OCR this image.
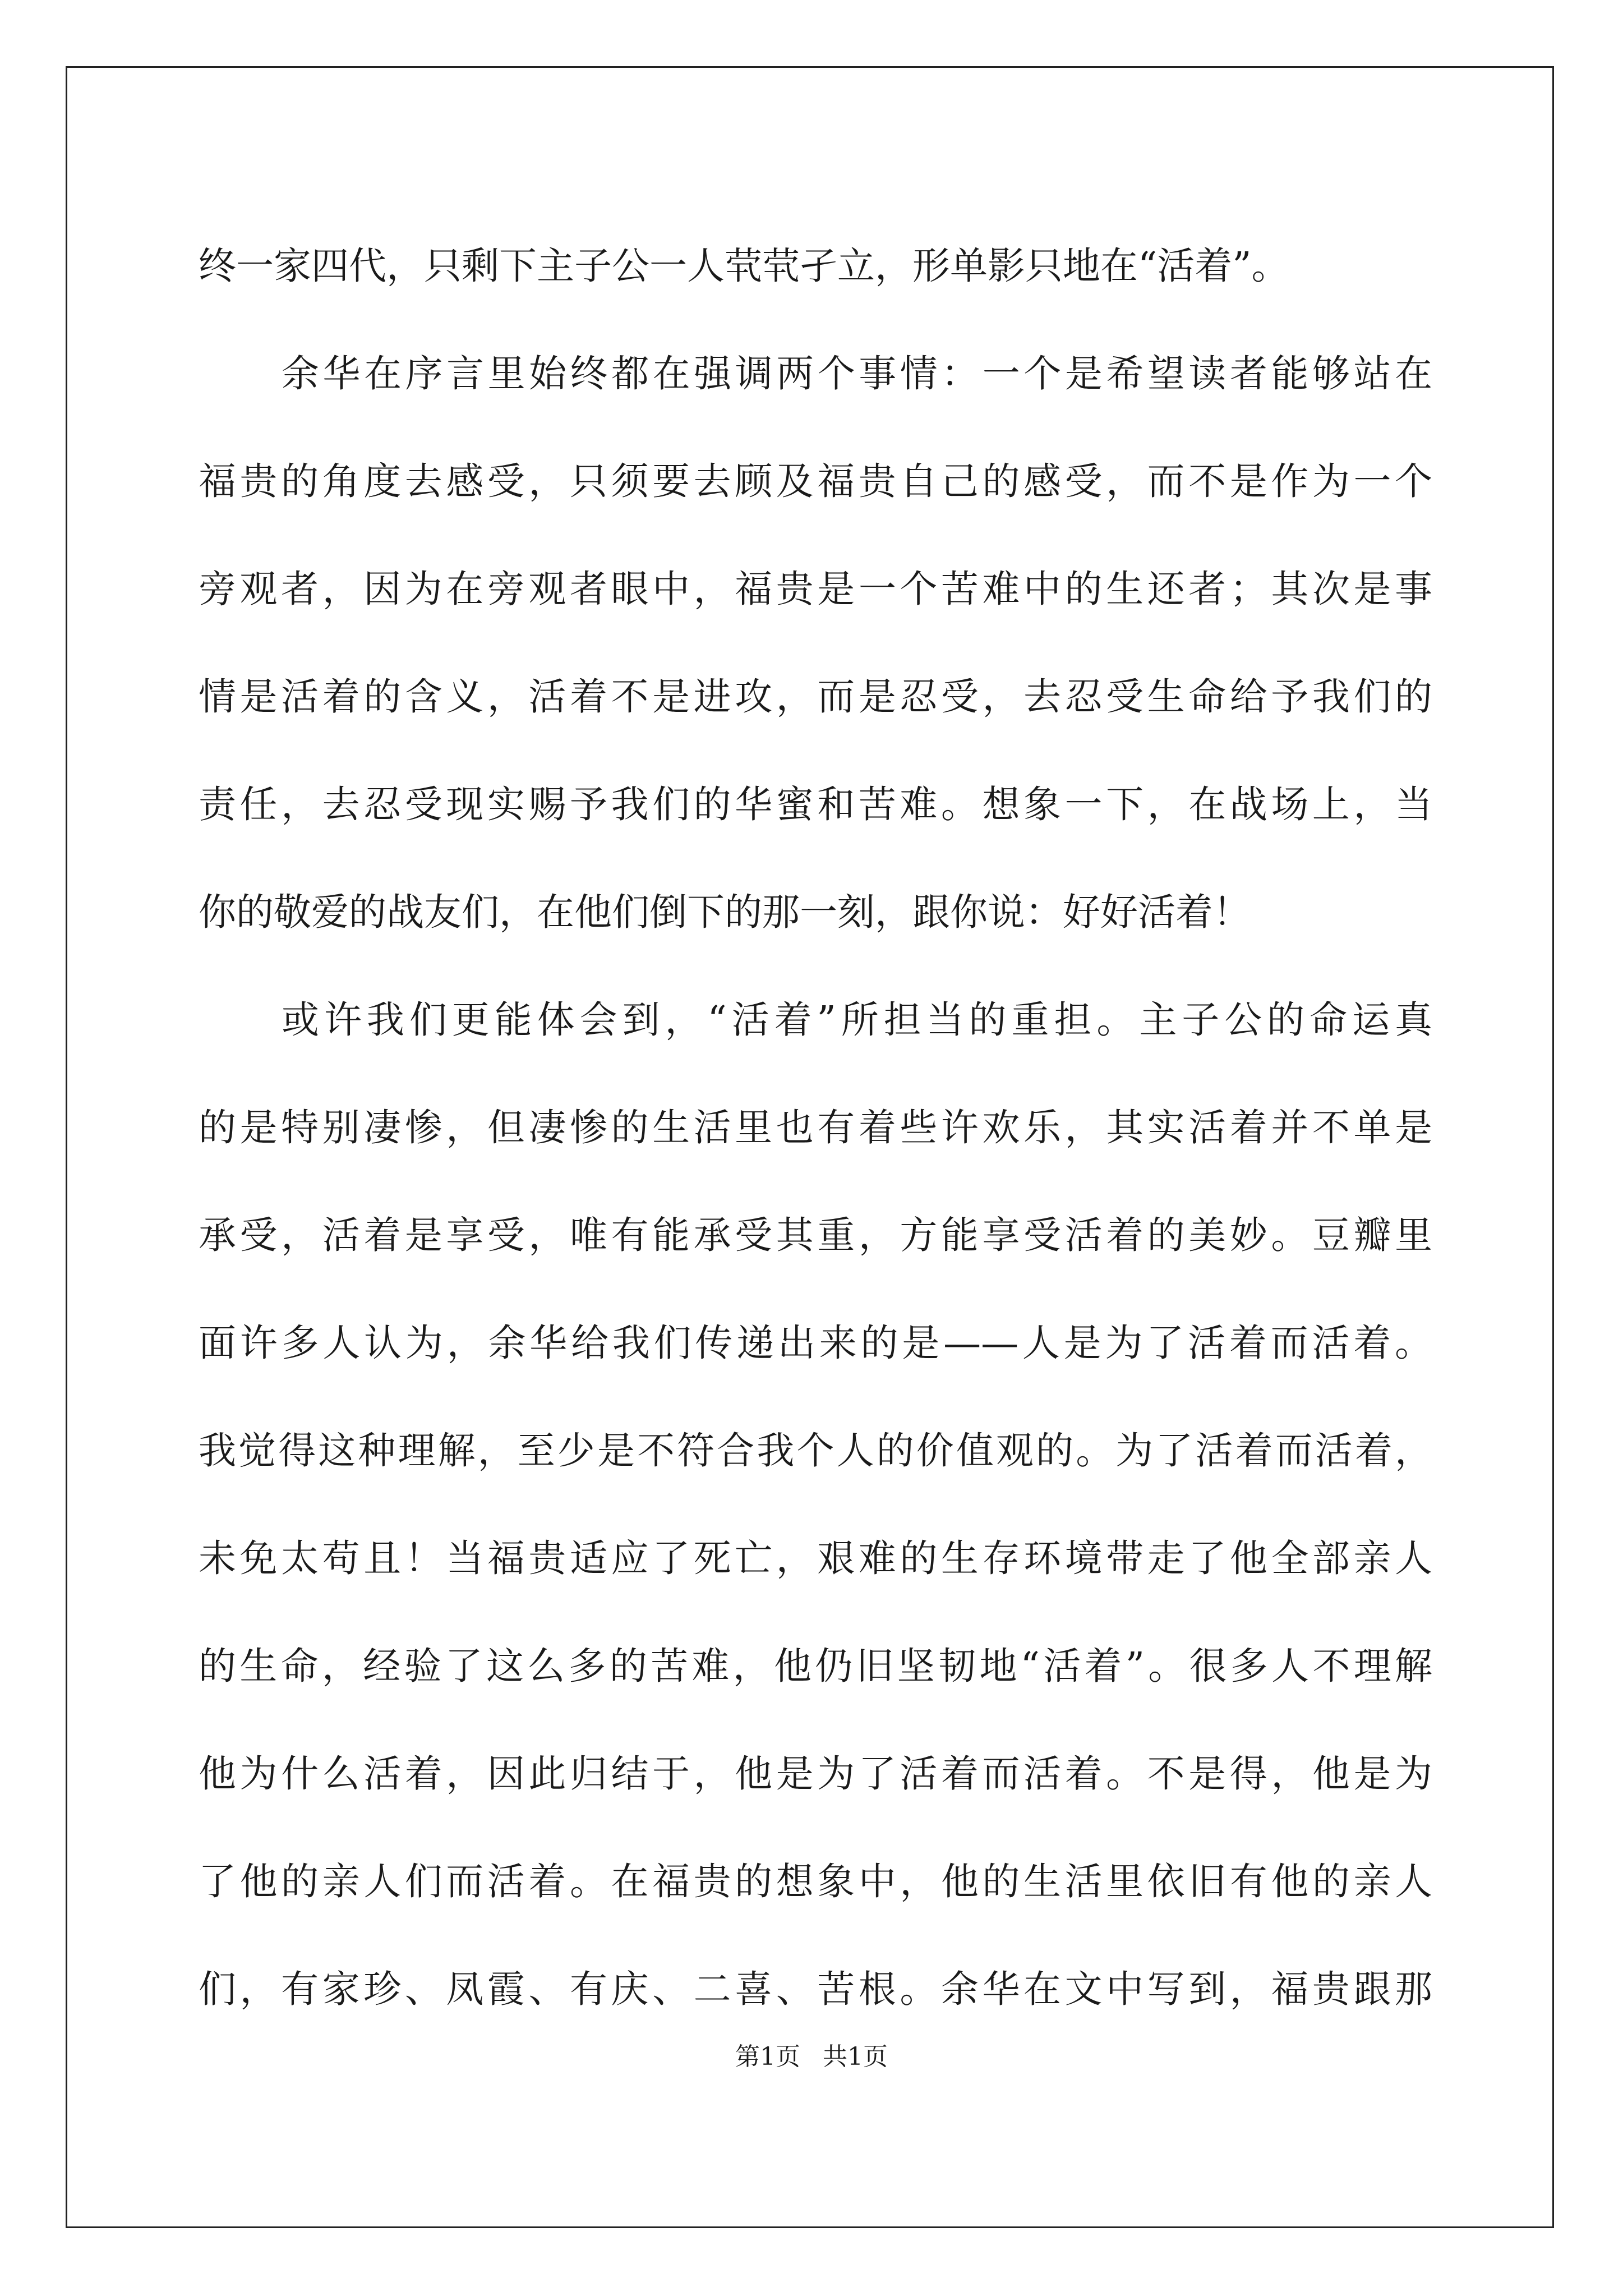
终一家四代，只剩下主子公一人茕茕孑立，形单影只地在“活着”。
余华在序言里始终都在强调两个事情：一个是希望读者能够站在
福贵的角度去感受，只须要去顾及福贵自己的感受，而不是作为一个
旁观者，因为在旁观者眼中，福贵是一个苦难中的生还者；其次是事
情是活着的含义，活着不是进攻，而是忍受，去忍受生命给予我们的
责任，去忍受现实赐予我们的华蜜和苦难。想象一下，在战场上，当
你的敬爱的战友们，在他们倒下的那一刻，跟你说：好好活着！
或许我们更能体会到，“活着”所担当的重担。主子公的命运真
的是特别凄惨，但凄惨的生活里也有着些许欢乐，其实活着并不单是
承受，活着是享受，唯有能承受其重，方能享受活着的美妙。豆瓣里
面许多人认为，余华给我们传递出来的是——人是为了活着而活着。
我觉得这种理解，至少是不符合我个人的价值观的。为了活着而活着，
未免太苟且！当福贵适应了死亡，艰难的生存环境带走了他全部亲人
的生命，经验了这么多的苦难，他仍旧坚韧地“活着”。很多人不理解
他为什么活着，因此归结于，他是为了活着而活着。不是得，他是为
了他的亲人们而活着。在福贵的想象中，他的生活里依旧有他的亲人
们，有家珍、凤霞、有庆、二喜、苦根。余华在文中写到，福贵跟那
第1页 共1页
